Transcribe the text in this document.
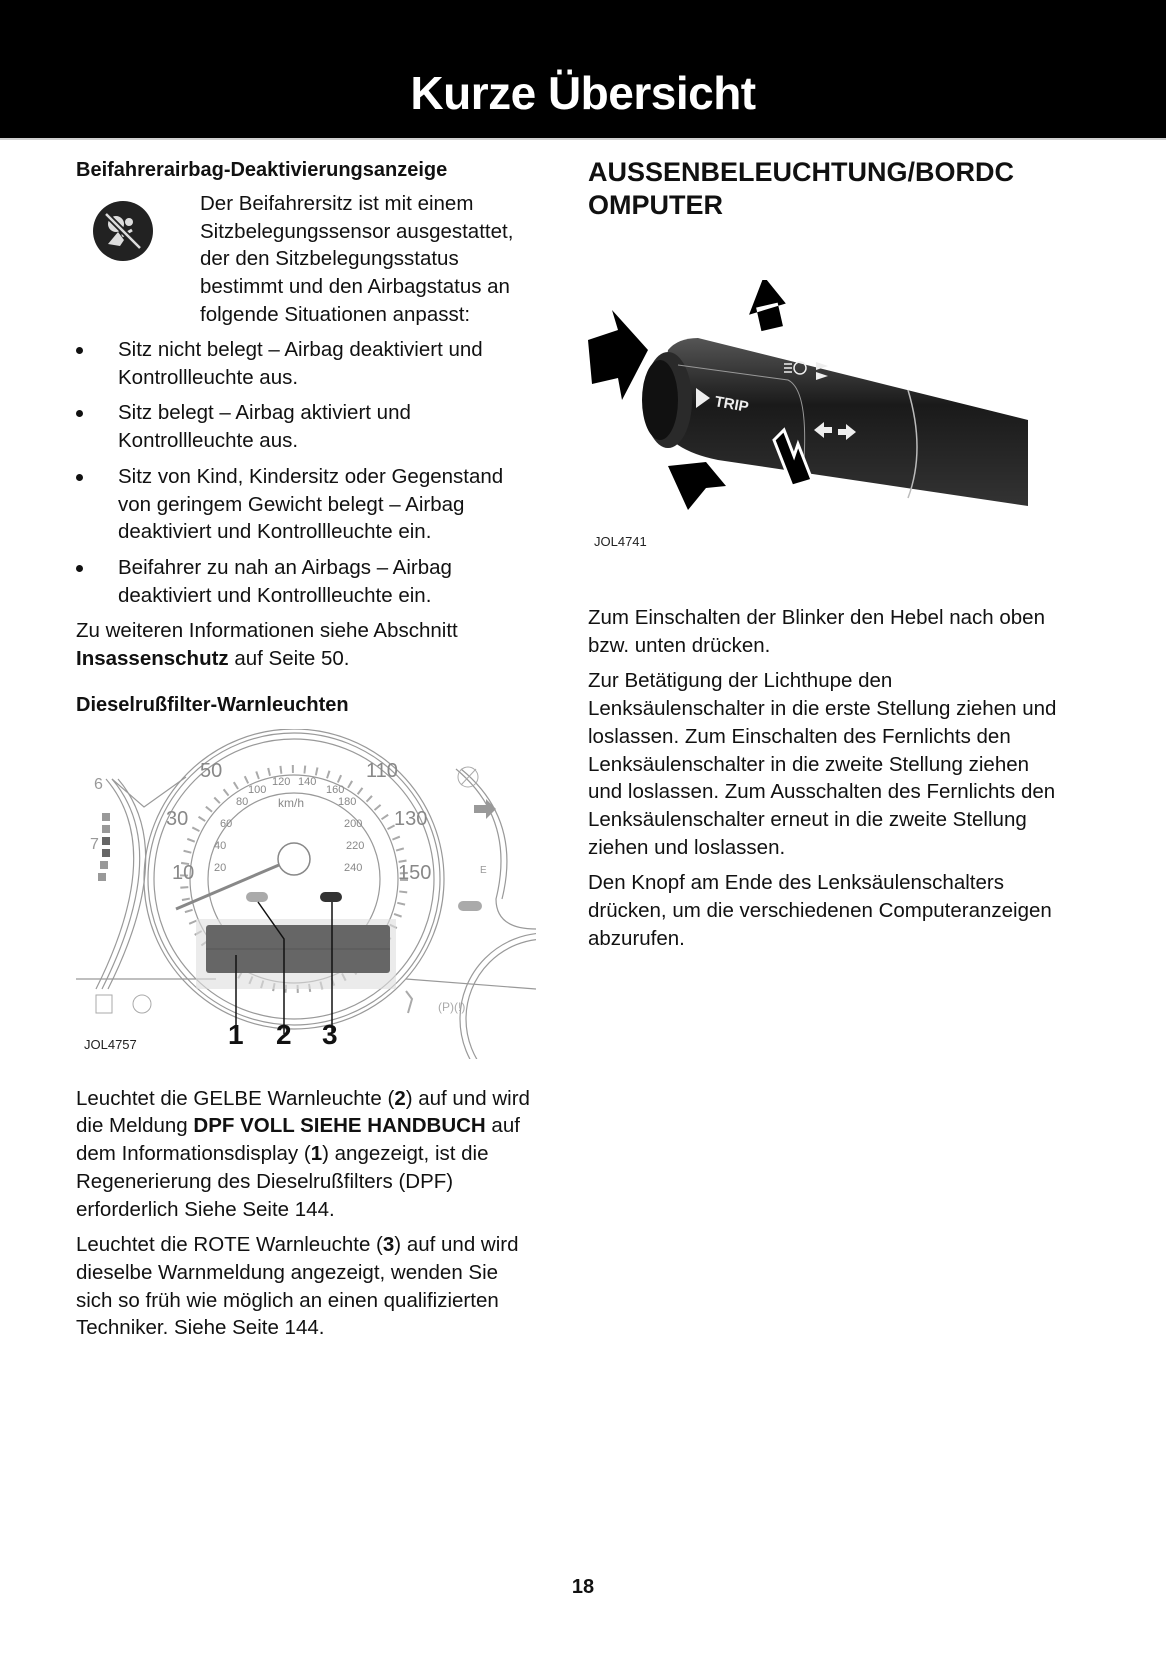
Kurze Übersicht
Beifahrerairbag-Deaktivierungsanzeige
Der Beifahrersitz ist mit einem Sitzbelegungssensor ausgestattet, der den Sitzbelegungsstatus bestimmt und den Airbagstatus an folgende Situationen anpasst:
Sitz nicht belegt – Airbag deaktiviert und Kontrollleuchte aus.
Sitz belegt – Airbag aktiviert und Kontrollleuchte aus.
Sitz von Kind, Kindersitz oder Gegenstand von geringem Gewicht belegt – Airbag deaktiviert und Kontrollleuchte ein.
Beifahrer zu nah an Airbags – Airbag deaktiviert und Kontrollleuchte ein.
Zu weiteren Informationen siehe Abschnitt Insassenschutz auf Seite 50.
Dieselrußfilter-Warnleuchten
6
7
10
30
50	110
130
150
20
40
60
80
100
120 140
160
180
200
220
240
km/h
E
(P)(!)
1 2 3
JOL4757
Leuchtet die GELBE Warnleuchte (2) auf und wird die Meldung DPF VOLL SIEHE HANDBUCH auf dem Informationsdisplay (1) angezeigt, ist die Regenerierung des Dieselrußfilters (DPF) erforderlich Siehe Seite 144.
Leuchtet die ROTE Warnleuchte (3) auf und wird dieselbe Warnmeldung angezeigt, wenden Sie sich so früh wie möglich an einen qualifizierten Techniker. Siehe Seite 144.
AUSSENBELEUCHTUNG/BORDC
OMPUTER
TRIP
JOL4741
Zum Einschalten der Blinker den Hebel nach oben bzw. unten drücken.
Zur Betätigung der Lichthupe den Lenksäulenschalter in die erste Stellung ziehen und loslassen. Zum Einschalten des Fernlichts den Lenksäulenschalter in die zweite Stellung ziehen und loslassen. Zum Ausschalten des Fernlichts den Lenksäulenschalter erneut in die zweite Stellung ziehen und loslassen.
Den Knopf am Ende des Lenksäulenschalters drücken, um die verschiedenen Computeranzeigen abzurufen.
18
